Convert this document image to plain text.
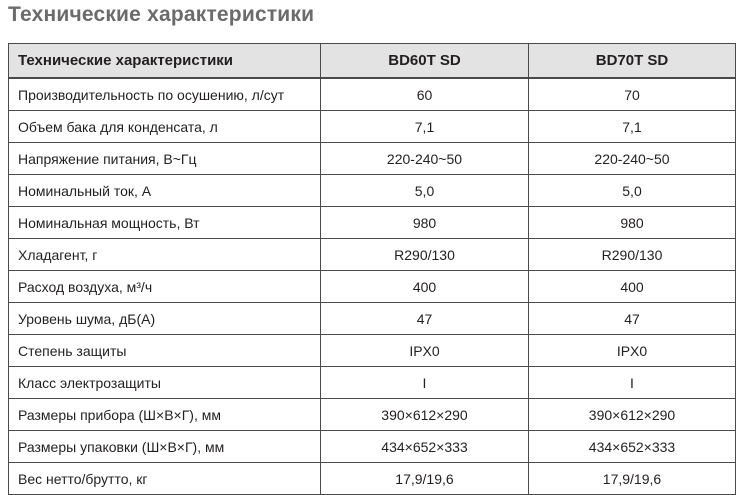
Технические характеристики
Технические характеристики	BD60T SD	BD70T SD
Производительность по осушению, л/сут	60	70
Объем бака для конденсата, л	7,1	7,1
Напряжение питания, В~Гц	220-240~50	220-240~50
Номинальный ток, А	5,0	5,0
Номинальная мощность, Вт	980	980
Хладагент, г	R290/130	R290/130
Расход воздуха, м³/ч	400	400
Уровень шума, дБ(А)	47	47
Степень защиты	IPX0	IPX0
Класс электрозащиты	I	I
Размеры прибора (Ш×В×Г), мм	390×612×290	390×612×290
Размеры упаковки (Ш×В×Г), мм	434×652×333	434×652×333
Вес нетто/брутто, кг	17,9/19,6	17,9/19,6
